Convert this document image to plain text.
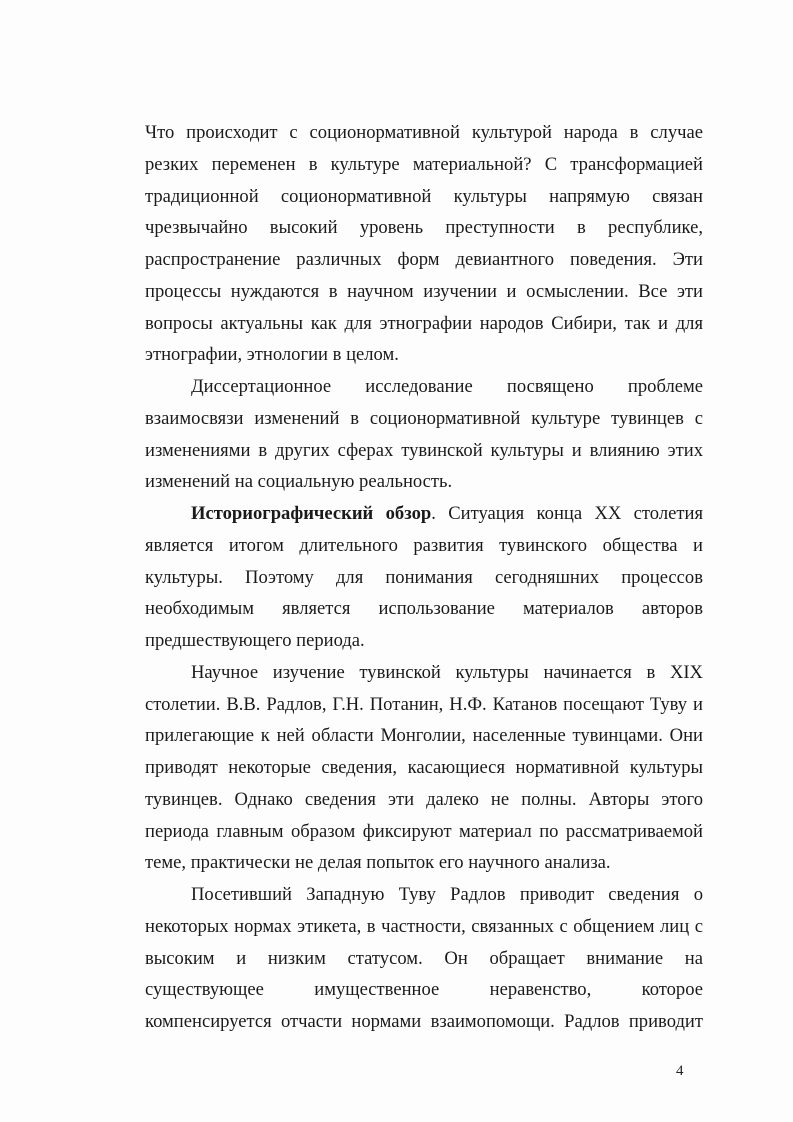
Что происходит с соционормативной культурой народа в случае
резких переменен в культуре материальной? С трансформацией
традиционной соционормативной культуры напрямую связан
чрезвычайно высокий уровень преступности в республике,
распространение различных форм девиантного поведения. Эти
процессы нуждаются в научном изучении и осмыслении. Все эти
вопросы актуальны как для этнографии народов Сибири, так и для
этнографии, этнологии в целом.

Диссертационное исследование посвящено проблеме
взаимосвязи изменений в соционормативной культуре тувинцев с
изменениями в других сферах тувинской культуры и влиянию этих
изменений на социальную реальность.

Историографический обзор. Ситуация конца XX столетия
является итогом длительного развития тувинского общества и
культуры. Поэтому для понимания сегодняшних процессов
необходимым является использование материалов авторов
предшествующего периода.

Научное изучение тувинской культуры начинается в XIX
столетии. В.В. Радлов, Г.Н. Потанин, Н.Ф. Катанов посещают Туву и
прилегающие к ней области Монголии, населенные тувинцами. Они
приводят некоторые сведения, касающиеся нормативной культуры
тувинцев. Однако сведения эти далеко не полны. Авторы этого
периода главным образом фиксируют материал по рассматриваемой
теме, практически не делая попыток его научного анализа.

Посетивший Западную Туву Радлов приводит сведения о
некоторых нормах этикета, в частности, связанных с общением лиц с
высоким и низким статусом. Он обращает внимание на
существующее имущественное неравенство, которое
компенсируется отчасти нормами взаимопомощи. Радлов приводит

4
